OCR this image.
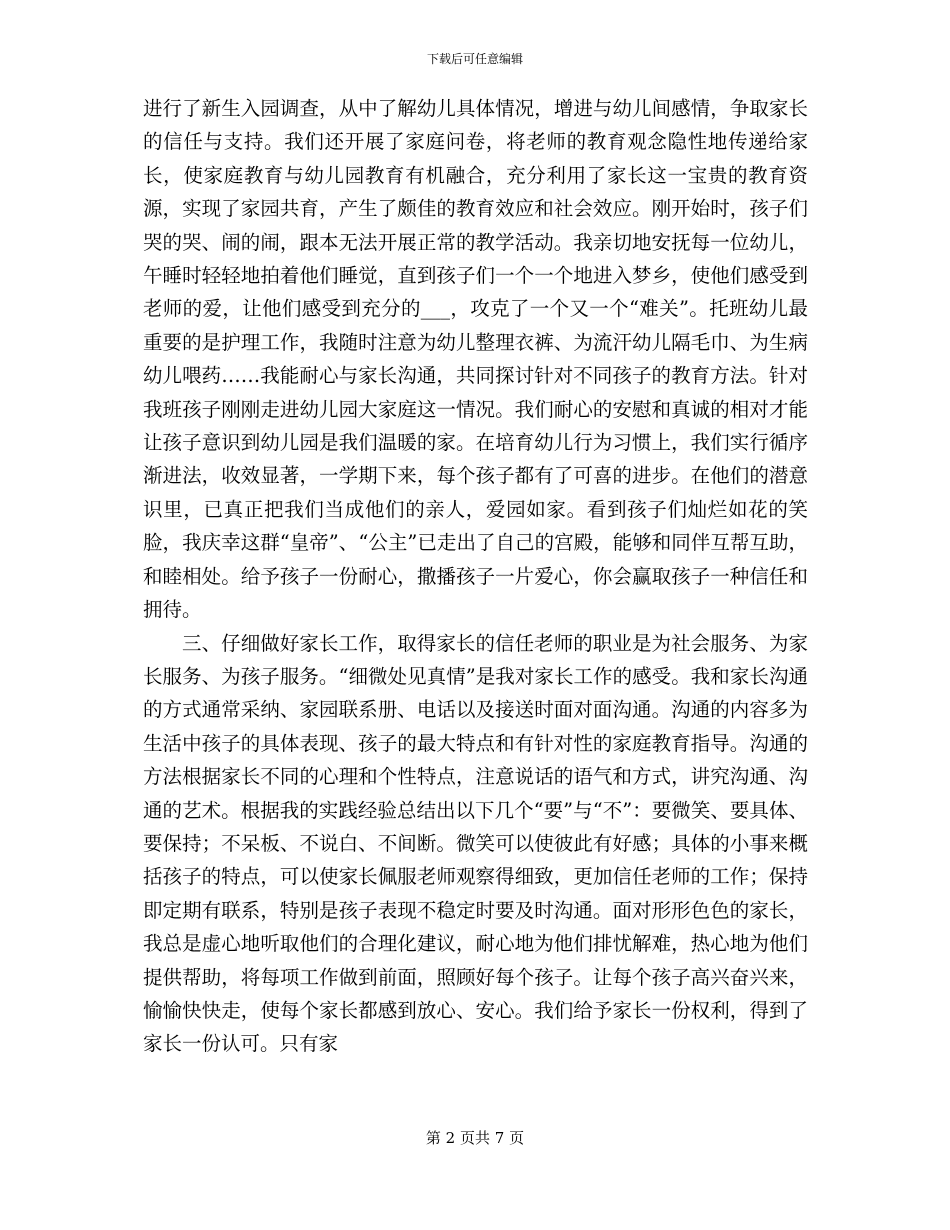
下载后可任意编辑

进行了新生入园调查，从中了解幼儿具体情况，增进与幼儿间感情，争取家长的信任与支持。我们还开展了家庭问卷，将老师的教育观念隐性地传递给家长，使家庭教育与幼儿园教育有机融合，充分利用了家长这一宝贵的教育资源，实现了家园共育，产生了颇佳的教育效应和社会效应。刚开始时，孩子们哭的哭、闹的闹，跟本无法开展正常的教学活动。我亲切地安抚每一位幼儿，午睡时轻轻地拍着他们睡觉，直到孩子们一个一个地进入梦乡，使他们感受到老师的爱，让他们感受到充分的___，攻克了一个又一个“难关”。托班幼儿最重要的是护理工作，我随时注意为幼儿整理衣裤、为流汗幼儿隔毛巾、为生病幼儿喂药……我能耐心与家长沟通，共同探讨针对不同孩子的教育方法。针对我班孩子刚刚走进幼儿园大家庭这一情况。我们耐心的安慰和真诚的相对才能让孩子意识到幼儿园是我们温暖的家。在培育幼儿行为习惯上，我们实行循序渐进法，收效显著，一学期下来，每个孩子都有了可喜的进步。在他们的潜意识里，已真正把我们当成他们的亲人，爱园如家。看到孩子们灿烂如花的笑脸，我庆幸这群“皇帝”、“公主”已走出了自己的宫殿，能够和同伴互帮互助，和睦相处。给予孩子一份耐心，撒播孩子一片爱心，你会赢取孩子一种信任和拥待。

三、仔细做好家长工作，取得家长的信任老师的职业是为社会服务、为家长服务、为孩子服务。“细微处见真情”是我对家长工作的感受。我和家长沟通的方式通常采纳、家园联系册、电话以及接送时面对面沟通。沟通的内容多为生活中孩子的具体表现、孩子的最大特点和有针对性的家庭教育指导。沟通的方法根据家长不同的心理和个性特点，注意说话的语气和方式，讲究沟通、沟通的艺术。根据我的实践经验总结出以下几个“要”与“不”：要微笑、要具体、要保持；不呆板、不说白、不间断。微笑可以使彼此有好感；具体的小事来概括孩子的特点，可以使家长佩服老师观察得细致，更加信任老师的工作；保持即定期有联系，特别是孩子表现不稳定时要及时沟通。面对形形色色的家长，我总是虚心地听取他们的合理化建议，耐心地为他们排忧解难，热心地为他们提供帮助，将每项工作做到前面，照顾好每个孩子。让每个孩子高兴奋兴来，愉愉快快走，使每个家长都感到放心、安心。我们给予家长一份权利，得到了家长一份认可。只有家

第 2 页共 7 页
